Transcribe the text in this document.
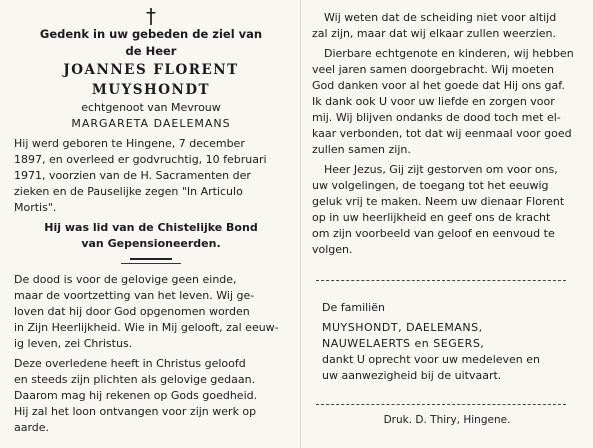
†
Gedenk in uw gebeden de ziel van
de Heer
JOANNES FLORENT MUYSHONDT
echtgenoot van Mevrouw
MARGARETA DAELEMANS
Hij werd geboren te Hingene, 7 december
1897, en overleed er godvruchtig, 10 februari
1971, voorzien van de H. Sacramenten der
zieken en de Pauselijke zegen "In Articulo
Mortis".
Hij was lid van de Chistelijke Bond
van Gepensioneerden.
De dood is voor de gelovige geen einde,
maar de voortzetting van het leven. Wij ge-
loven dat hij door God opgenomen worden
in Zijn Heerlijkheid. Wie in Mij gelooft, zal eeuw-
ig leven, zei Christus.
Deze overledene heeft in Christus geloofd
en steeds zijn plichten als gelovige gedaan.
Daarom mag hij rekenen op Gods goedheid.
Hij zal het loon ontvangen voor zijn werk op
aarde.
Wij weten dat de scheiding niet voor altijd
zal zijn, maar dat wij elkaar zullen weerzien.
Dierbare echtgenote en kinderen, wij hebben
veel jaren samen doorgebracht. Wij moeten
God danken voor al het goede dat Hij ons gaf.
Ik dank ook U voor uw liefde en zorgen voor
mij. Wij blijven ondanks de dood toch met el-
kaar verbonden, tot dat wij eenmaal voor goed
zullen samen zijn.
Heer Jezus, Gij zijt gestorven om voor ons,
uw volgelingen, de toegang tot het eeuwig
geluk vrij te maken. Neem uw dienaar Florent
op in uw heerlijkheid en geef ons de kracht
om zijn voorbeeld van geloof en eenvoud te
volgen.
De familiën
MUYSHONDT, DAELEMANS,
NAUWELAERTS en SEGERS,
dankt U oprecht voor uw medeleven en
uw aanwezigheid bij de uitvaart.
Druk. D. Thiry, Hingene.
